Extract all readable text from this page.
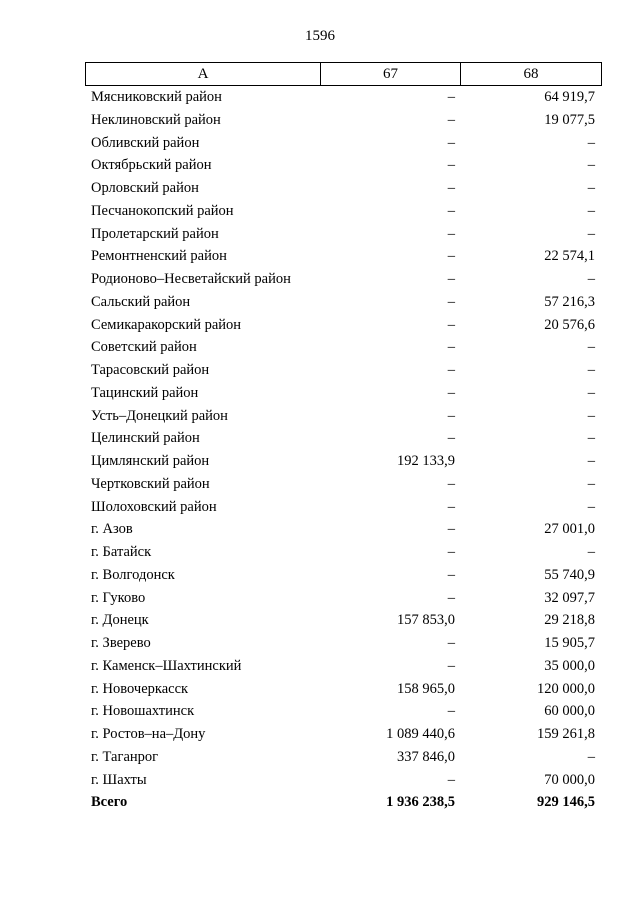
1596
А	67	68
Мясниковский район	–	64 919,7
Неклиновский район	–	19 077,5
Обливский район	–	–
Октябрьский район	–	–
Орловский район	–	–
Песчанокопский район	–	–
Пролетарский район	–	–
Ремонтненский район	–	22 574,1
Родионово–Несветайский район	–	–
Сальский район	–	57 216,3
Семикаракорский район	–	20 576,6
Советский район	–	–
Тарасовский район	–	–
Тацинский район	–	–
Усть–Донецкий район	–	–
Целинский район	–	–
Цимлянский район	192 133,9	–
Чертковский район	–	–
Шолоховский район	–	–
г. Азов	–	27 001,0
г. Батайск	–	–
г. Волгодонск	–	55 740,9
г. Гуково	–	32 097,7
г. Донецк	157 853,0	29 218,8
г. Зверево	–	15 905,7
г. Каменск–Шахтинский	–	35 000,0
г. Новочеркасск	158 965,0	120 000,0
г. Новошахтинск	–	60 000,0
г. Ростов–на–Дону	1 089 440,6	159 261,8
г. Таганрог	337 846,0	–
г. Шахты	–	70 000,0
Всего	1 936 238,5	929 146,5
